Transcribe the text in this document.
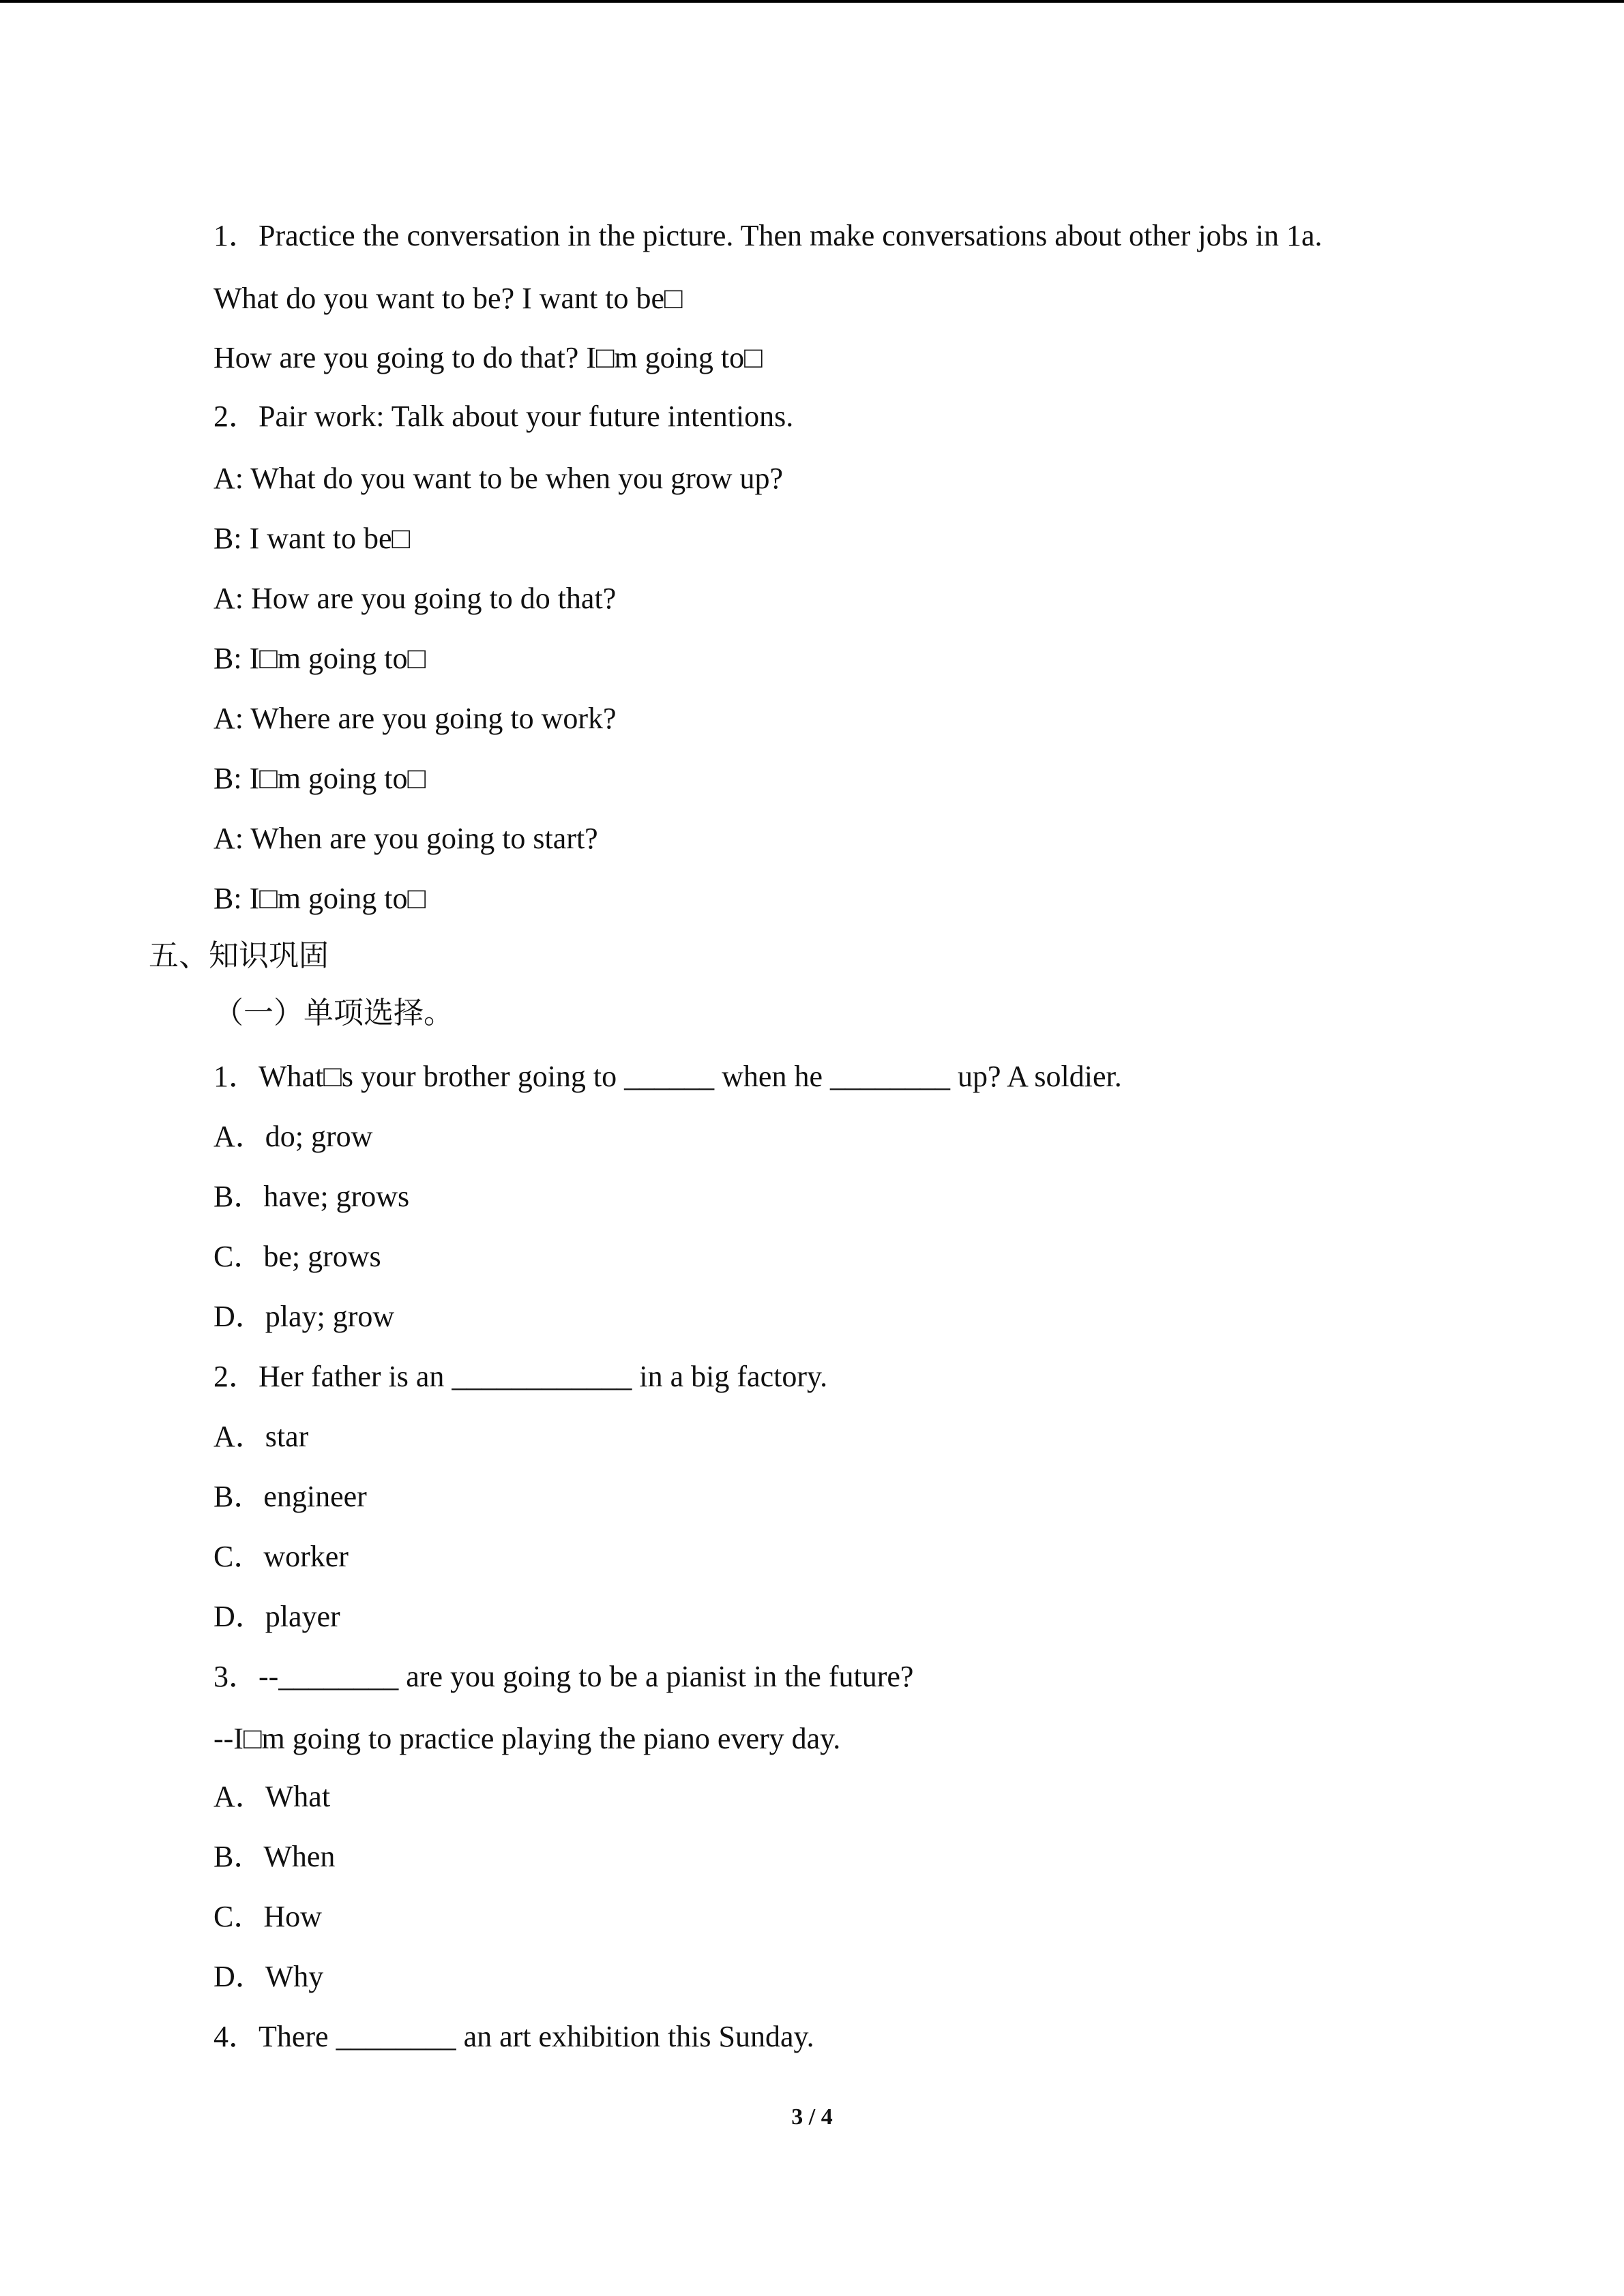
1．Practice the conversation in the picture. Then make conversations about other jobs in 1a.
What do you want to be? I want to be□
How are you going to do that? I□m going to□
2．Pair work: Talk about your future intentions.
A: What do you want to be when you grow up?
B: I want to be□
A: How are you going to do that?
B: I□m going to□
A: Where are you going to work?
B: I□m going to□
A: When are you going to start?
B: I□m going to□
五、知识巩固
（一）单项选择。
1．What□s your brother going to ______ when he ________ up? A soldier.
A．do; grow
B．have; grows
C．be; grows
D．play; grow
2．Her father is an ____________ in a big factory.
A．star
B．engineer
C．worker
D．player
3．--________ are you going to be a pianist in the future?
--I□m going to practice playing the piano every day.
A．What
B．When
C．How
D．Why
4．There ________ an art exhibition this Sunday.
3 / 4
